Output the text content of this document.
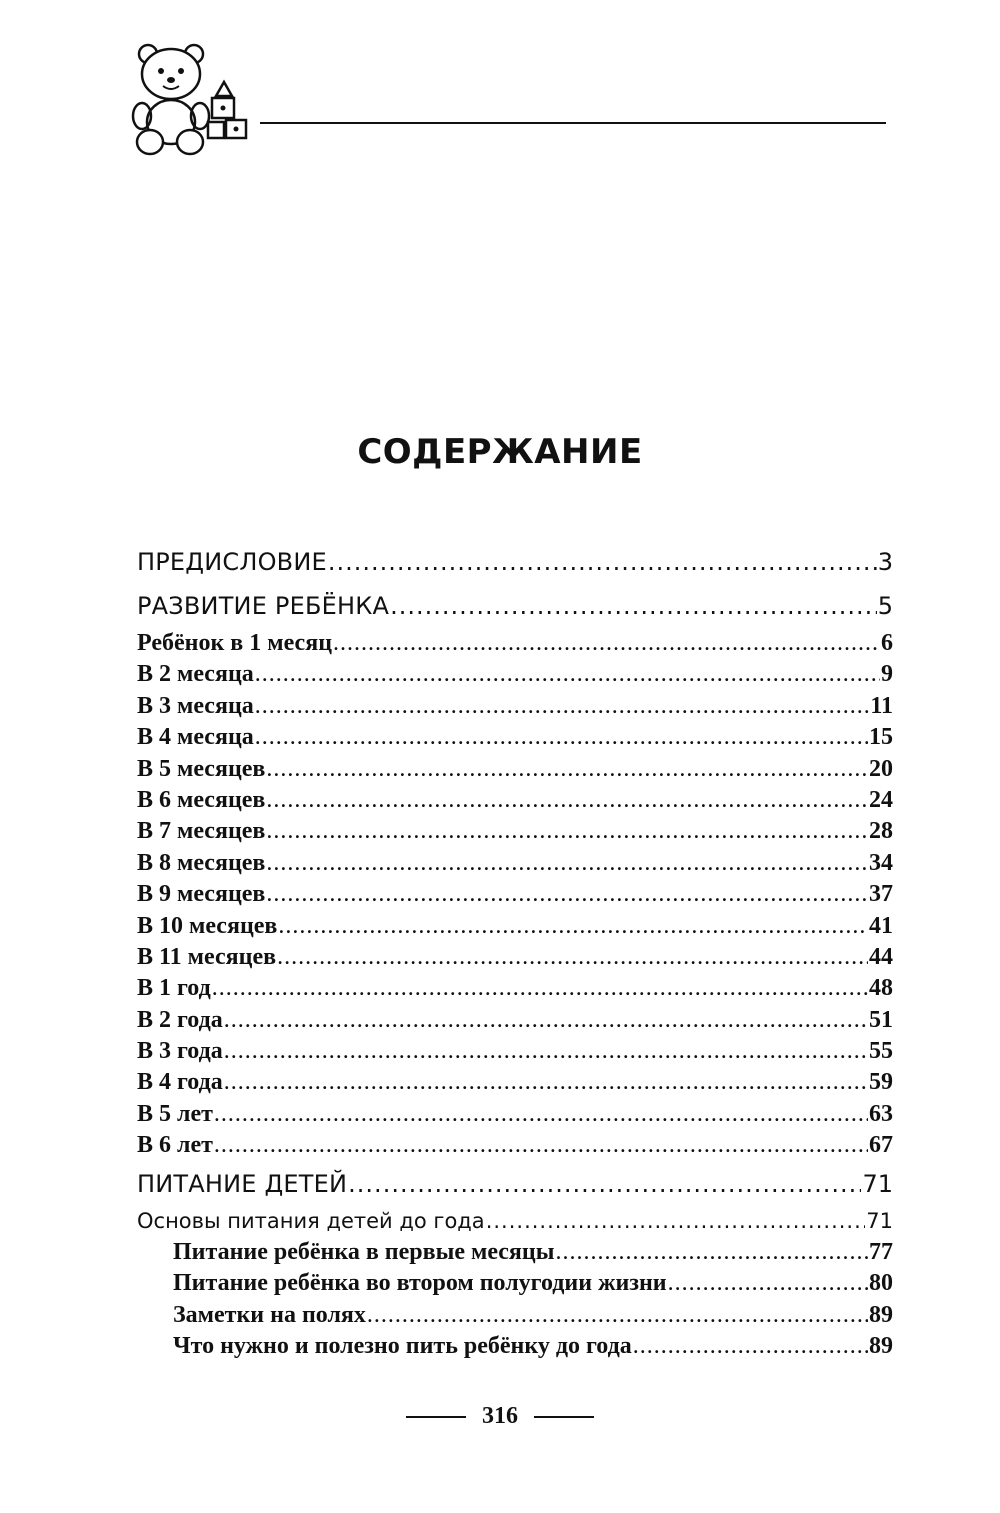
СОДЕРЖАНИЕ
ПРЕДИСЛОВИЕ .....	3
РАЗВИТИЕ РЕБЁНКА .....	5
Ребёнок в 1 месяц .....	6
В 2 месяца .....	9
В 3 месяца .....	11
В 4 месяца .....	15
В 5 месяцев .....	20
В 6 месяцев .....	24
В 7 месяцев .....	28
В 8 месяцев .....	34
В 9 месяцев .....	37
В 10 месяцев .....	41
В 11 месяцев .....	44
В 1 год .....	48
В 2 года .....	51
В 3 года .....	55
В 4 года .....	59
В 5 лет .....	63
В 6 лет .....	67
ПИТАНИЕ ДЕТЕЙ .....	71
Основы питания детей до года .....	71
Питание ребёнка в первые месяцы .....	77
Питание ребёнка во втором полугодии жизни .....	80
Заметки на полях .....	89
Что нужно и полезно пить ребёнку до года .....	89
316
